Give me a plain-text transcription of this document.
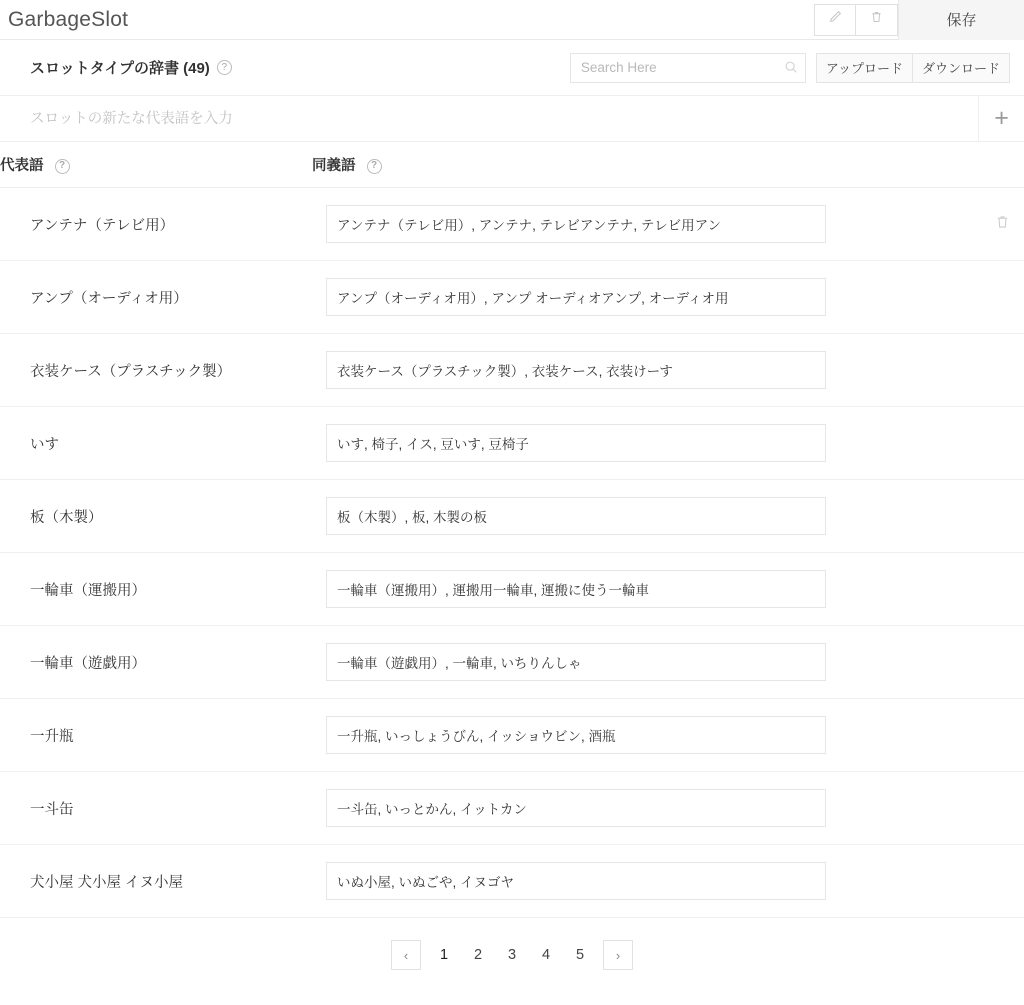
GarbageSlot	保存
スロットタイプの辞書 (49)	?
Search Here	アップロード	ダウンロード
スロットの新たな代表語を入力
+
代表語 ?	同義語 ?	
アンテナ（テレビ用）	アンテナ（テレビ用）, アンテナ, テレビアンテナ, テレビ用アン

アンプ（オーディオ用）	アンプ（オーディオ用）, アンプ オーディオアンプ, オーディオ用	

衣装ケース（プラスチック製）	衣装ケース（プラスチック製）, 衣装ケース, 衣装けーす	

いす	いす, 椅子, イス, 豆いす, 豆椅子	

板（木製）	板（木製）, 板, 木製の板	

一輪車（運搬用）	一輪車（運搬用）, 運搬用一輪車, 運搬に使う一輪車	

一輪車（遊戯用）	一輪車（遊戯用）, 一輪車, いちりんしゃ	

一升瓶	一升瓶, いっしょうびん, イッショウビン, 酒瓶	

一斗缶	一斗缶, いっとかん, イットカン	

犬小屋 犬小屋 イヌ小屋	いぬ小屋, いぬごや, イヌゴヤ	

‹	1	2	3	4	5	›
